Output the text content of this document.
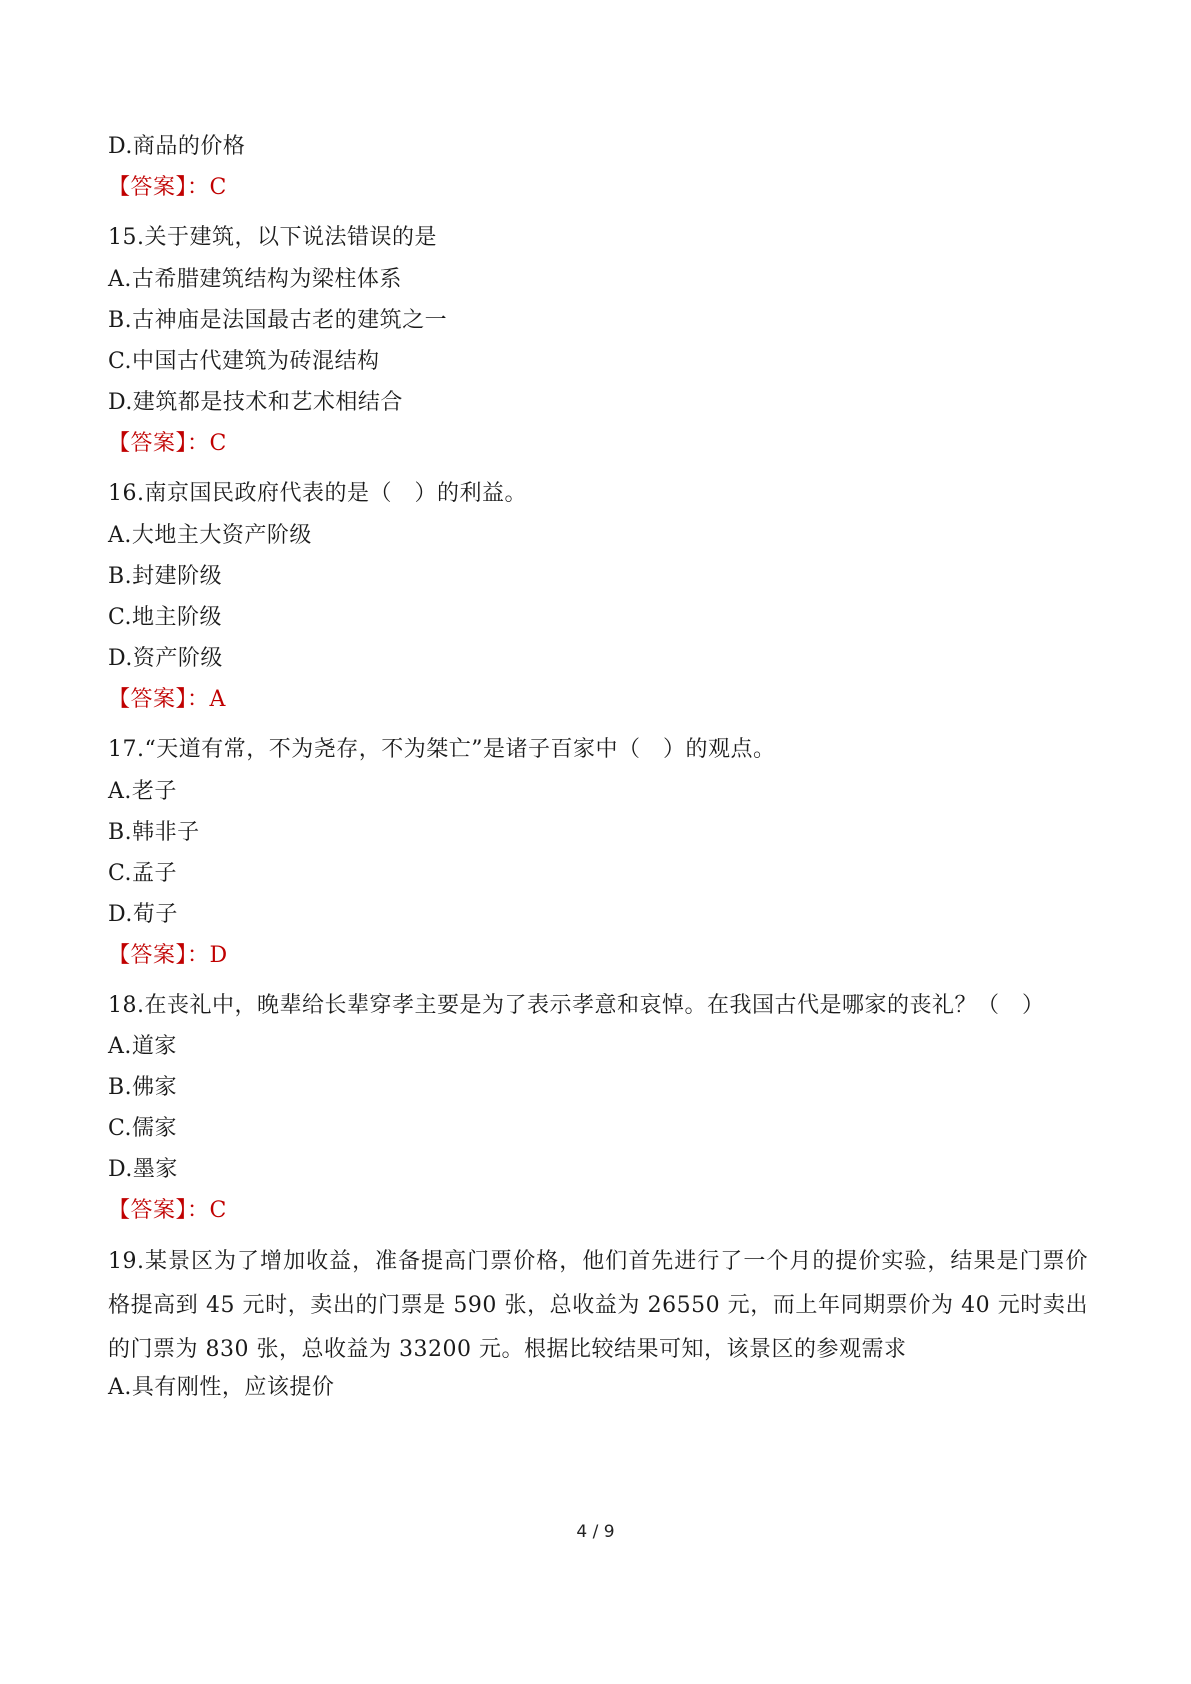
D.商品的价格
【答案】：C
15.关于建筑，以下说法错误的是
A.古希腊建筑结构为梁柱体系
B.古神庙是法国最古老的建筑之一
C.中国古代建筑为砖混结构
D.建筑都是技术和艺术相结合
【答案】：C
16.南京国民政府代表的是（　）的利益。
A.大地主大资产阶级
B.封建阶级
C.地主阶级
D.资产阶级
【答案】：A
17.“天道有常，不为尧存，不为桀亡”是诸子百家中（　）的观点。
A.老子
B.韩非子
C.孟子
D.荀子
【答案】：D
18.在丧礼中，晚辈给长辈穿孝主要是为了表示孝意和哀悼。在我国古代是哪家的丧礼？（　）
A.道家
B.佛家
C.儒家
D.墨家
【答案】：C
19.某景区为了增加收益，准备提高门票价格，他们首先进行了一个月的提价实验，结果是门票价格提高到 45 元时，卖出的门票是 590 张，总收益为 26550 元，而上年同期票价为 40 元时卖出的门票为 830 张，总收益为 33200 元。根据比较结果可知，该景区的参观需求
A.具有刚性，应该提价
4 / 9
